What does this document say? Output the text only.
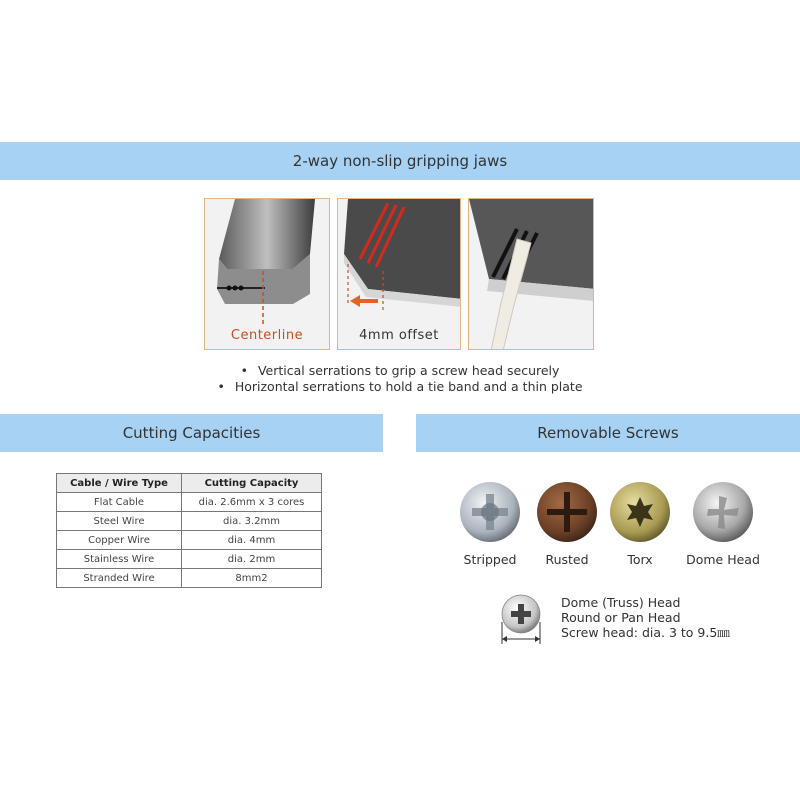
2-way non-slip gripping jaws
Centerline	4mm offset
• Vertical serrations to grip a screw head securely
• Horizontal serrations to hold a tie band and a thin plate
Cutting Capacities
Cable / Wire Type	Cutting Capacity
Flat Cable	dia. 2.6mm x 3 cores
Steel Wire	dia. 3.2mm
Copper Wire	dia. 4mm
Stainless Wire	dia. 2mm
Stranded Wire	8mm2
Removable Screws
Stripped	Rusted	Torx	Dome Head
Dome (Truss) Head
Round or Pan Head
Screw head: dia. 3 to 9.5㎜
